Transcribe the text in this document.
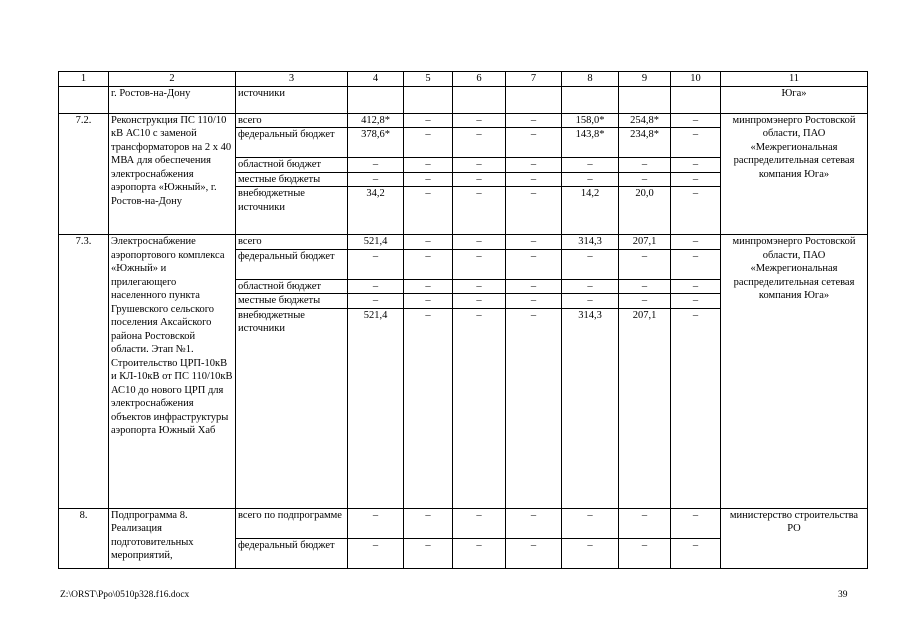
1	2	3	4	5	6	7	8	9	10	11
	г. Ростов-на-Дону	источники								Юга»
7.2.	Реконструкция ПС 110/10 кВ АС10 с заменой трансформаторов на 2 х 40 МВА для обеспечения электроснабжения аэропорта «Южный», г. Ростов-на-Дону	всего	412,8*	–	–	–	158,0*	254,8*	–	минпромэнерго Ростовской области, ПАО «Межрегиональная распределительная сетевая компания Юга»
		федеральный бюджет	378,6*	–	–	–	143,8*	234,8*	–	
		областной бюджет	–	–	–	–	–	–	–	
		местные бюджеты	–	–	–	–	–	–	–	
		внебюджетные источники	34,2	–	–	–	14,2	20,0	–	
7.3.	Электроснабжение аэропортового комплекса «Южный» и прилегающего населенного пункта Грушевского сельского поселения Аксайского района Ростовской области. Этап №1. Строительство ЦРП-10кВ и КЛ-10кВ от ПС 110/10кВ АС10 до нового ЦРП для электроснабжения объектов инфраструктуры аэропорта Южный Хаб	всего	521,4	–	–	–	314,3	207,1	–	минпромэнерго Ростовской области, ПАО «Межрегиональная распределительная сетевая компания Юга»
		федеральный бюджет	–	–	–	–	–	–	–	
		областной бюджет	–	–	–	–	–	–	–	
		местные бюджеты	–	–	–	–	–	–	–	
		внебюджетные источники	521,4	–	–	–	314,3	207,1	–	
8.	Подпрограмма 8. Реализация подготовительных мероприятий,	всего по подпрограмме	–	–	–	–	–	–	–	министерство строительства РО
		федеральный бюджет	–	–	–	–	–	–	–	
Z:\ORST\Ppo\0510p328.f16.docx	39
